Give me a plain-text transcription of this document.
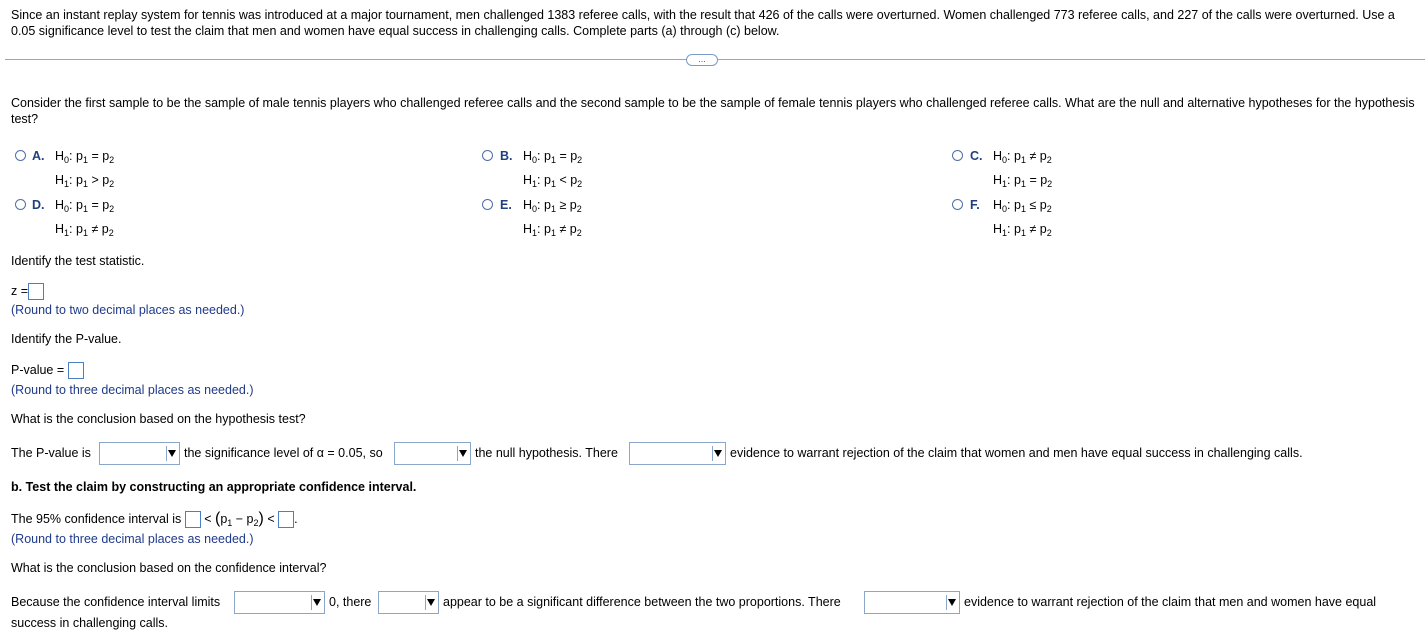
Since an instant replay system for tennis was introduced at a major tournament, men challenged 1383 referee calls, with the result that 426 of the calls were overturned. Women challenged 773 referee calls, and 227 of the calls were overturned. Use a 0.05 significance level to test the claim that men and women have equal success in challenging calls. Complete parts (a) through (c) below.
...
Consider the first sample to be the sample of male tennis players who challenged referee calls and the second sample to be the sample of female tennis players who challenged referee calls. What are the null and alternative hypotheses for the hypothesis test?
A. $H_0$: $p_1 = p_2$
$H_1$: $p_1 > p_2$
B. $H_0$: $p_1 = p_2$
$H_1$: $p_1 < p_2$
C. $H_0$: $p_1 \ne p_2$
$H_1$: $p_1 = p_2$
D. $H_0$: $p_1 = p_2$
$H_1$: $p_1 \ne p_2$
E. $H_0$: $p_1 \ge p_2$
$H_1$: $p_1 \ne p_2$
F. $H_0$: $p_1 \le p_2$
$H_1$: $p_1 \ne p_2$
Identify the test statistic.
z =
(Round to two decimal places as needed.)
Identify the P-value.
P-value =
(Round to three decimal places as needed.)
What is the conclusion based on the hypothesis test?
The P-value is	the significance level of α = 0.05, so	the null hypothesis. There	evidence to warrant rejection of the claim that women and men have equal success in challenging calls.
b. Test the claim by constructing an appropriate confidence interval.
The 95% confidence interval is < $(p_1 - p_2)$ < .
(Round to three decimal places as needed.)
What is the conclusion based on the confidence interval?
Because the confidence interval limits	0, there	appear to be a significant difference between the two proportions. There	evidence to warrant rejection of the claim that men and women have equal
success in challenging calls.
